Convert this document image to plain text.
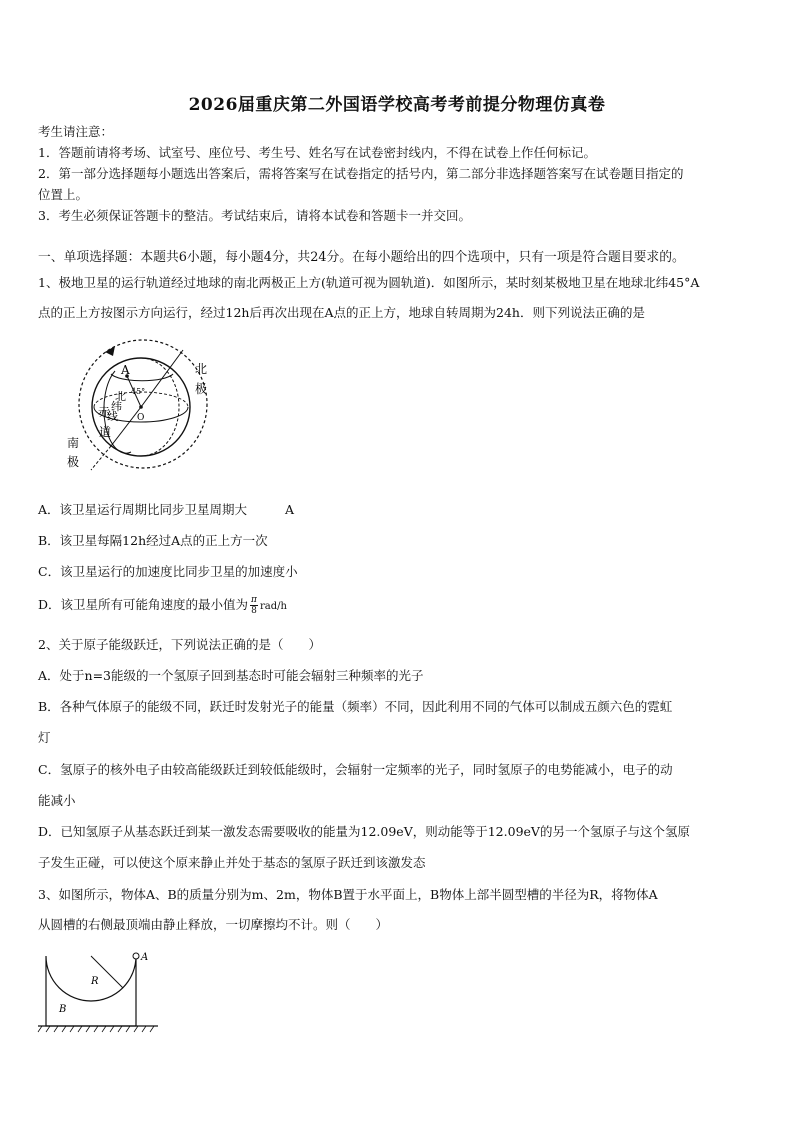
2026届重庆第二外国语学校高考考前提分物理仿真卷
考生请注意：
1．答题前请将考场、试室号、座位号、考生号、姓名写在试卷密封线内，不得在试卷上作任何标记。
2．第一部分选择题每小题选出答案后，需将答案写在试卷指定的括号内，第二部分非选择题答案写在试卷题目指定的
位置上。
3．考生必须保证答题卡的整洁。考试结束后，请将本试卷和答题卡一并交回。
一、单项选择题：本题共6小题，每小题4分，共24分。在每小题给出的四个选项中，只有一项是符合题目要求的。
1、极地卫星的运行轨道经过地球的南北两极正上方(轨道可视为圆轨道)．如图所示，某时刻某极地卫星在地球北纬45°A
点的正上方按图示方向运行，经过12h后再次出现在A点的正上方，地球自转周期为24h．则下列说法正确的是
A
45°
O
北
极
南
极
北
纬
线
赤
道
A．该卫星运行周期比同步卫星周期大	A
B．该卫星每隔12h经过A点的正上方一次
C．该卫星运行的加速度比同步卫星的加速度小
D．该卫星所有可能角速度的最小值为 $\frac{\pi}{8} rad/h$
2、关于原子能级跃迁，下列说法正确的是（　　）
A．处于n=3能级的一个氢原子回到基态时可能会辐射三种频率的光子
B．各种气体原子的能级不同，跃迁时发射光子的能量（频率）不同，因此利用不同的气体可以制成五颜六色的霓虹
灯
C．氢原子的核外电子由较高能级跃迁到较低能级时，会辐射一定频率的光子，同时氢原子的电势能减小，电子的动
能减小
D．已知氢原子从基态跃迁到某一激发态需要吸收的能量为12.09eV，则动能等于12.09eV的另一个氢原子与这个氢原
子发生正碰，可以使这个原来静止并处于基态的氢原子跃迁到该激发态
3、如图所示，物体A、B的质量分别为m、2m，物体B置于水平面上，B物体上部半圆型槽的半径为R，将物体A
从圆槽的右侧最顶端由静止释放，一切摩擦均不计。则（　　）
A
R
B
